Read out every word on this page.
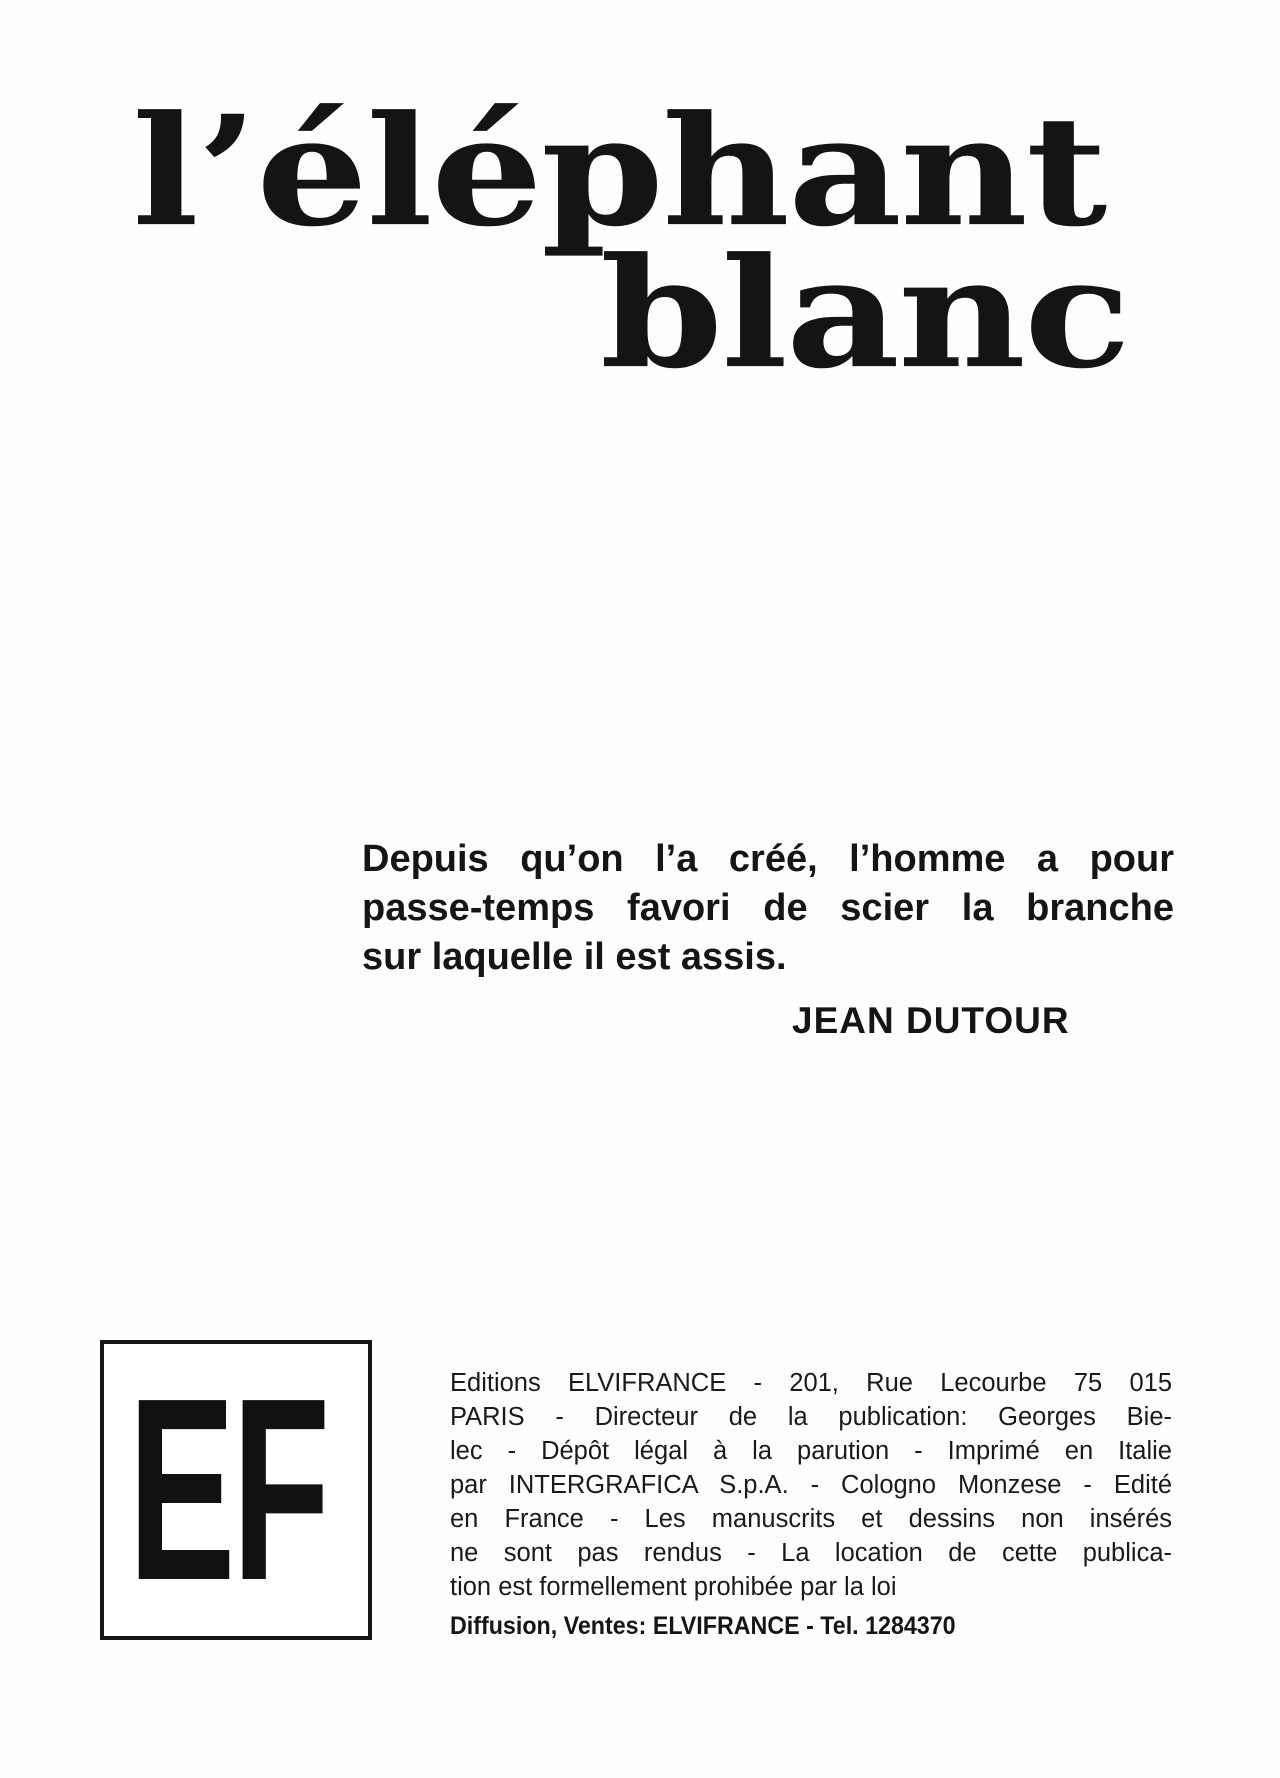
l’éléphant
blanc
Depuis qu’on l’a créé, l’homme a pour
passe-temps favori de scier la branche
sur laquelle il est assis.

JEAN DUTOUR

EF	Editions ELVIFRANCE - 201, Rue Lecourbe 75 015
PARIS - Directeur de la publication: Georges Bie-
lec - Dépôt légal à la parution - Imprimé en Italie
par INTERGRAFICA S.p.A. - Cologno Monzese - Edité
en France - Les manuscrits et dessins non insérés
ne sont pas rendus - La location de cette publica-
tion est formellement prohibée par la loi

Diffusion, Ventes: ELVIFRANCE - Tel. 1284370
